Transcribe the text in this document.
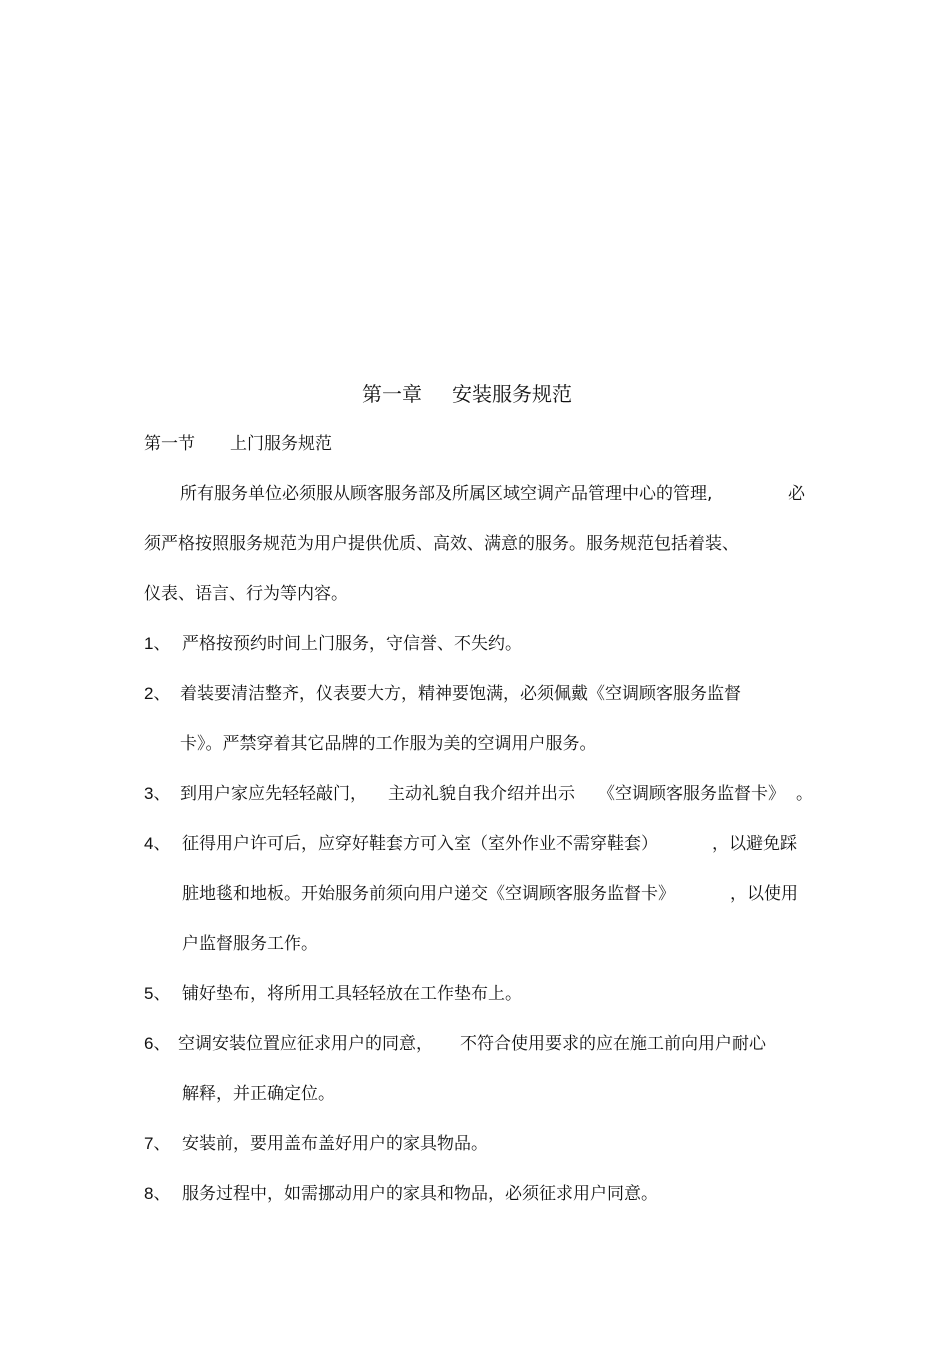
第一章 安装服务规范
第一节 上门服务规范
所有服务单位必须服从顾客服务部及所属区域空调产品管理中心的管理,	必
须严格按照服务规范为用户提供优质、高效、满意的服务。服务规范包括着装、
仪表、语言、行为等内容。
1、 严格按预约时间上门服务，守信誉、不失约。
2、 着装要清洁整齐，仪表要大方，精神要饱满，必须佩戴《空调顾客服务监督
卡》。严禁穿着其它品牌的工作服为美的空调用户服务。
3、 到用户家应先轻轻敲门， 主动礼貌自我介绍并出示 《空调顾客服务监督卡》 。
4、 征得用户许可后，应穿好鞋套方可入室（室外作业不需穿鞋套）	，以避免踩
脏地毯和地板。开始服务前须向用户递交《空调顾客服务监督卡》	，以使用
户监督服务工作。
5、 铺好垫布，将所用工具轻轻放在工作垫布上。
6、 空调安装位置应征求用户的同意， 不符合使用要求的应在施工前向用户耐心
解释，并正确定位。
7、 安装前，要用盖布盖好用户的家具物品。
8、 服务过程中，如需挪动用户的家具和物品，必须征求用户同意。
